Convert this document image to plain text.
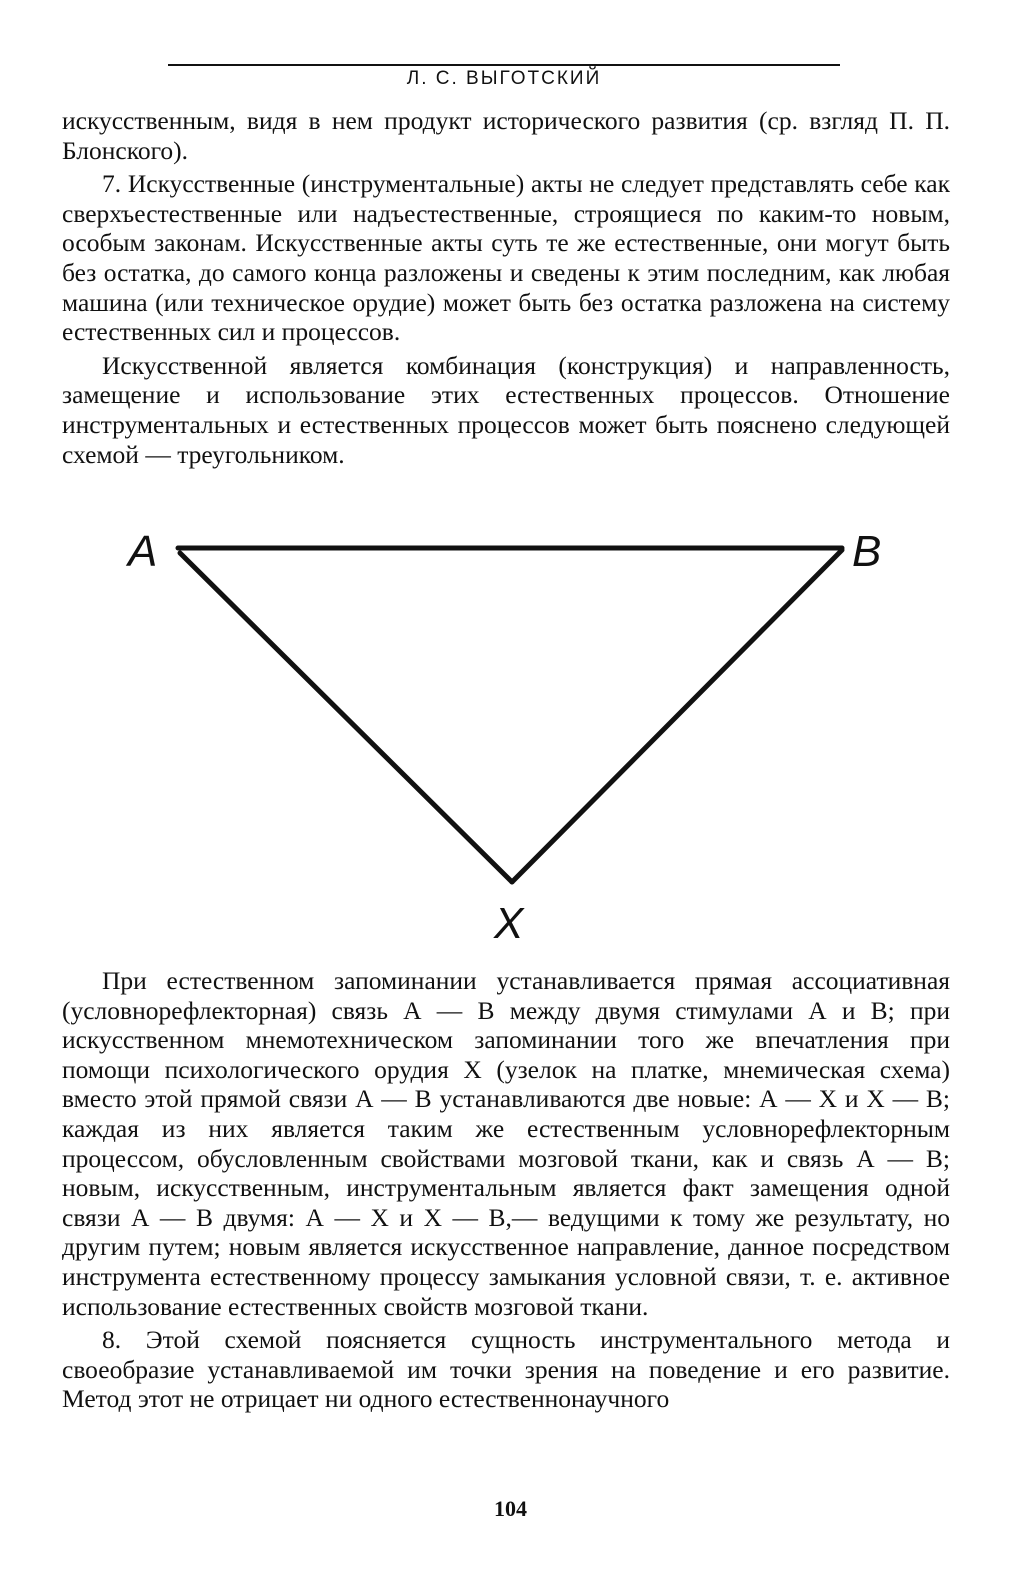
Л. С. ВЫГОТСКИЙ

искусственным, видя в нем продукт исторического развития (ср. взгляд П. П. Блонского).

7. Искусственные (инструментальные) акты не следует представлять себе как сверхъестественные или надъестественные, строящиеся по каким-то новым, особым законам. Искусственные акты суть те же естественные, они могут быть без остатка, до самого конца разложены и сведены к этим последним, как любая машина (или техническое орудие) может быть без остатка разложена на систему естественных сил и процессов.

Искусственной является комбинация (конструкция) и направленность, замещение и использование этих естественных процессов. Отношение инструментальных и естественных процессов может быть пояснено следующей схемой — треугольником.

A	B
X

При естественном запоминании устанавливается прямая ассоциативная (условнорефлекторная) связь А — В между двумя стимулами А и В; при искусственном мнемотехническом запоминании того же впечатления при помощи психологического орудия X (узелок на платке, мнемическая схема) вместо этой прямой связи А — В устанавливаются две новые: А — X и X — В; каждая из них является таким же естественным условнорефлекторным процессом, обусловленным свойствами мозговой ткани, как и связь А — В; новым, искусственным, инструментальным является факт замещения одной связи А — В двумя: А — X и X — В,— ведущими к тому же результату, но другим путем; новым является искусственное направление, данное посредством инструмента естественному процессу замыкания условной связи, т. е. активное использование естественных свойств мозговой ткани.

8. Этой схемой поясняется сущность инструментального метода и своеобразие устанавливаемой им точки зрения на поведение и его развитие. Метод этот не отрицает ни одного естественнонаучного

104
